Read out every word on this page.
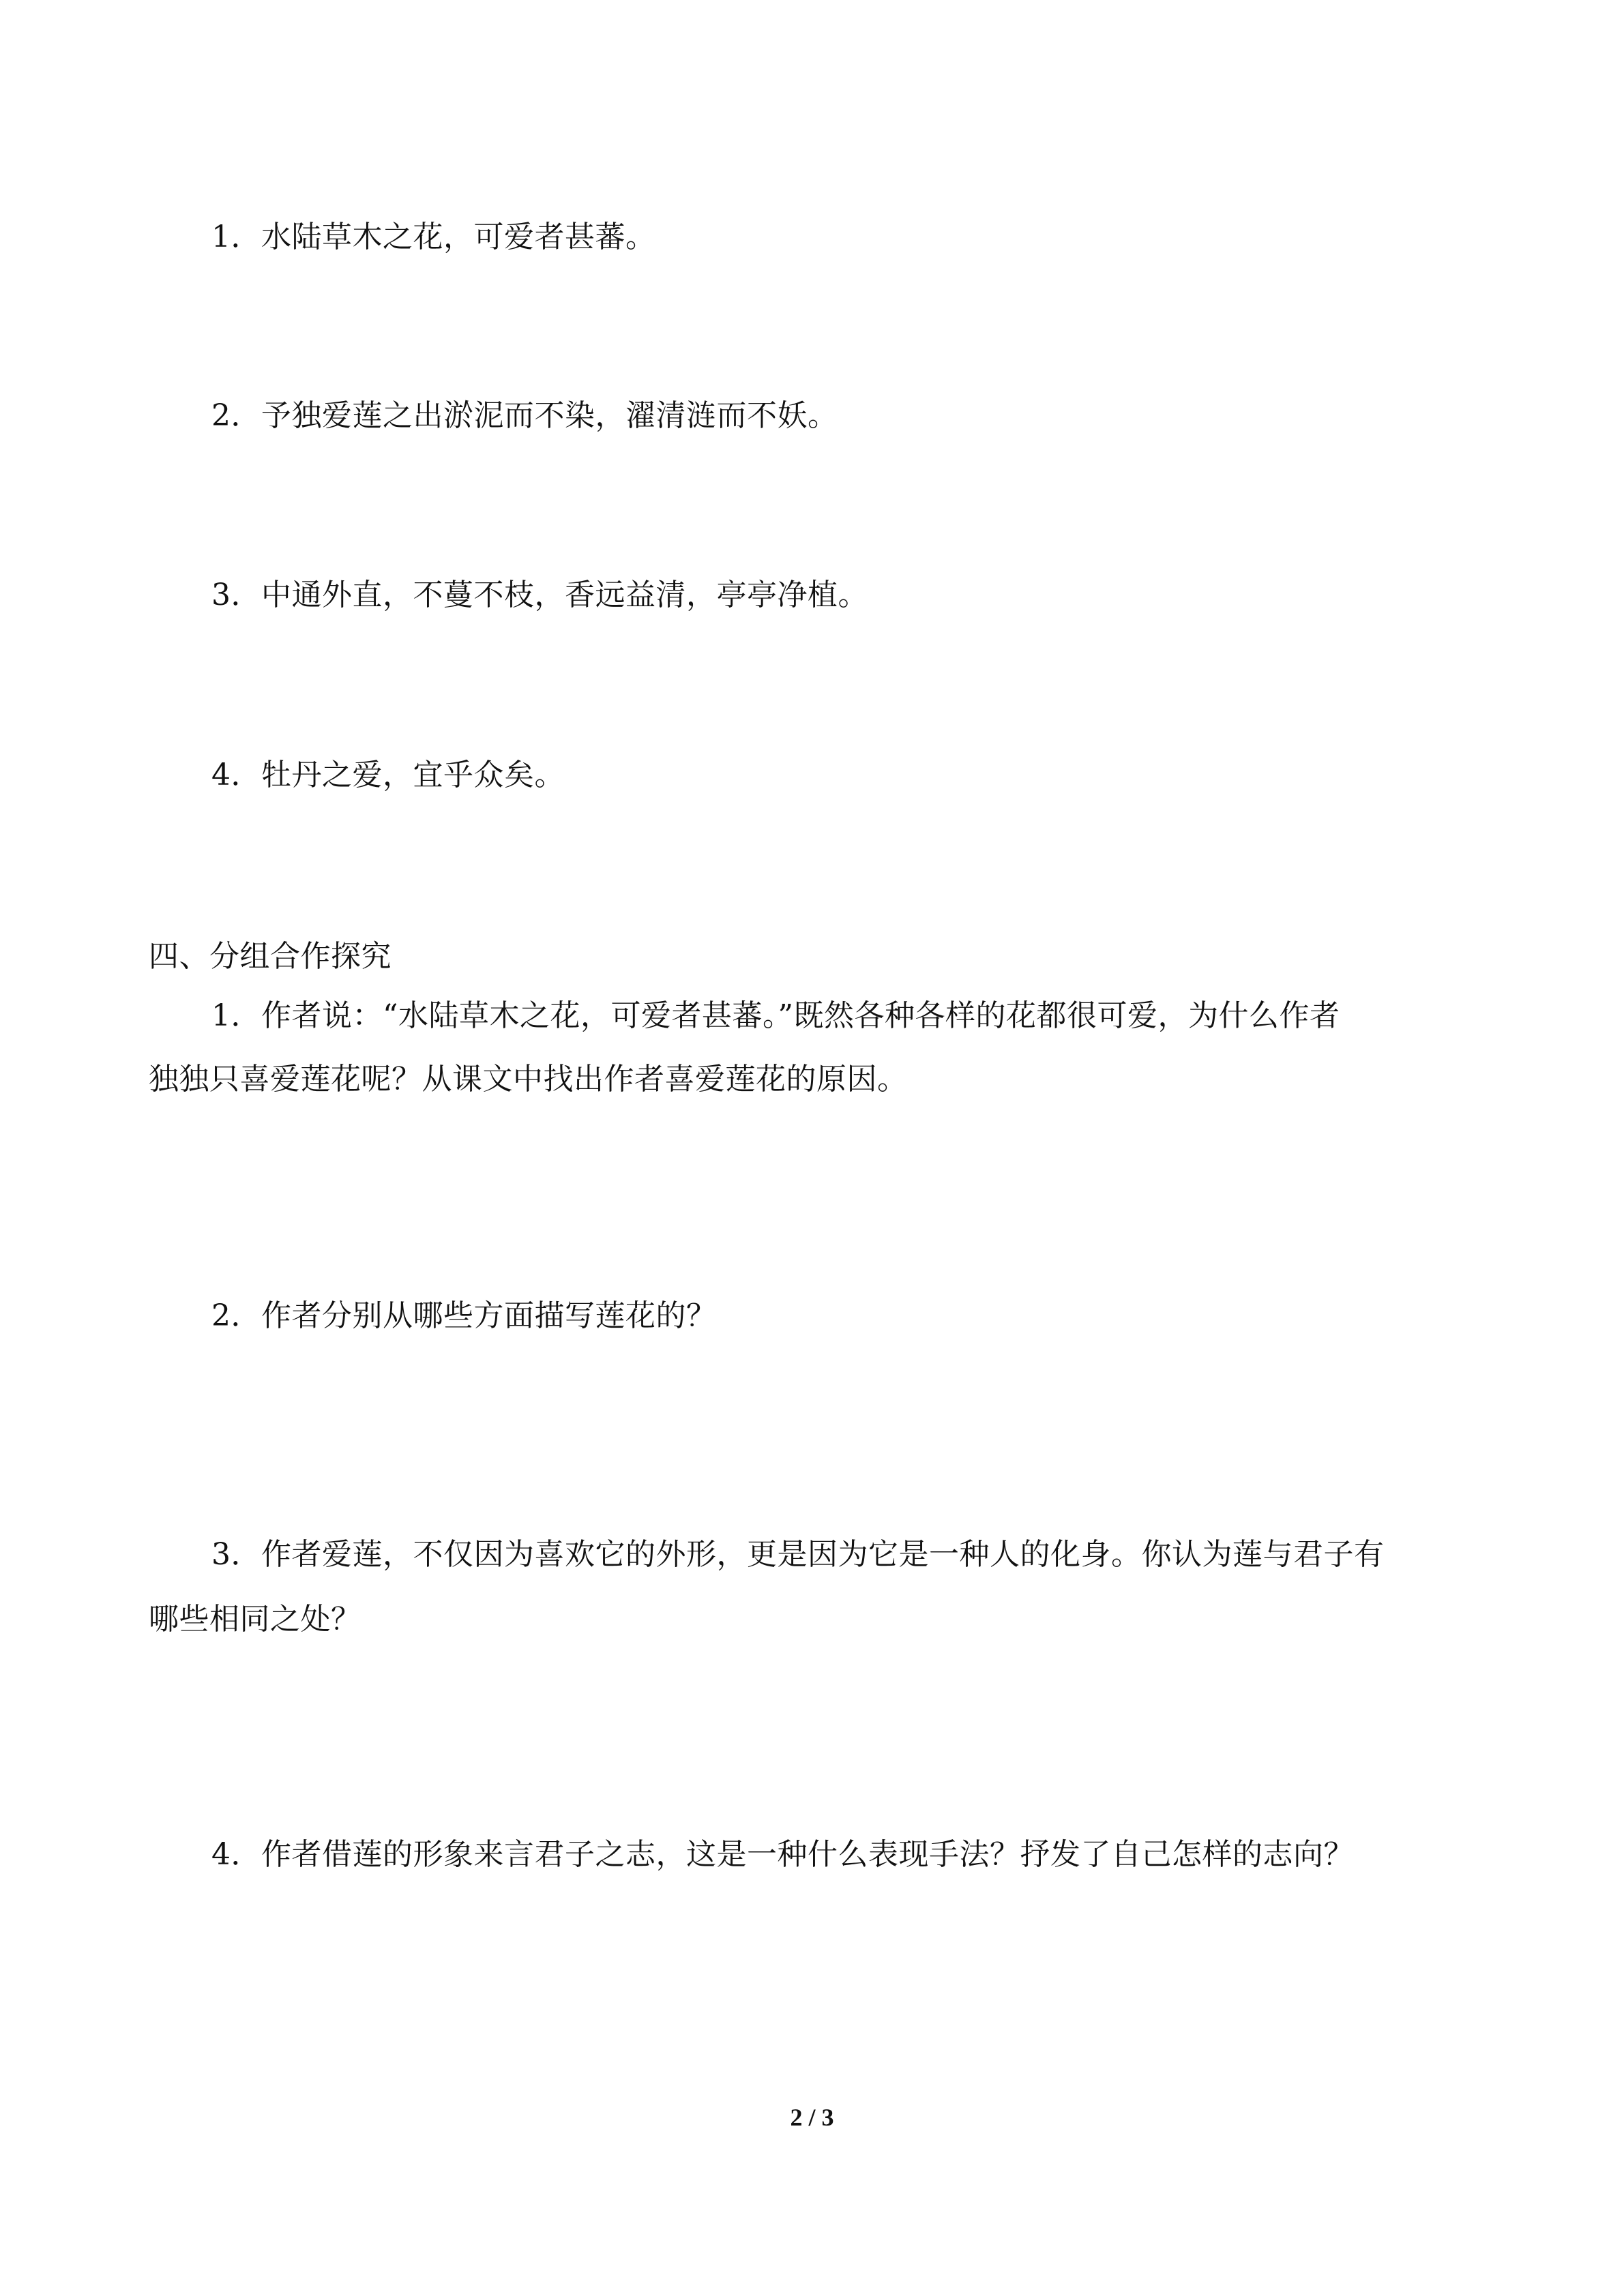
1．水陆草木之花，可爱者甚蕃。

2．予独爱莲之出淤泥而不染，濯清涟而不妖。

3．中通外直，不蔓不枝，香远益清，亭亭净植。

4．牡丹之爱，宜乎众矣。

四、分组合作探究

1．作者说：“水陆草木之花，可爱者甚蕃。”既然各种各样的花都很可爱，为什么作者

独独只喜爱莲花呢？从课文中找出作者喜爱莲花的原因。

2．作者分别从哪些方面描写莲花的？

3．作者爱莲，不仅因为喜欢它的外形，更是因为它是一种人的化身。你认为莲与君子有

哪些相同之处？

4．作者借莲的形象来言君子之志，这是一种什么表现手法？抒发了自己怎样的志向？

2 / 3
